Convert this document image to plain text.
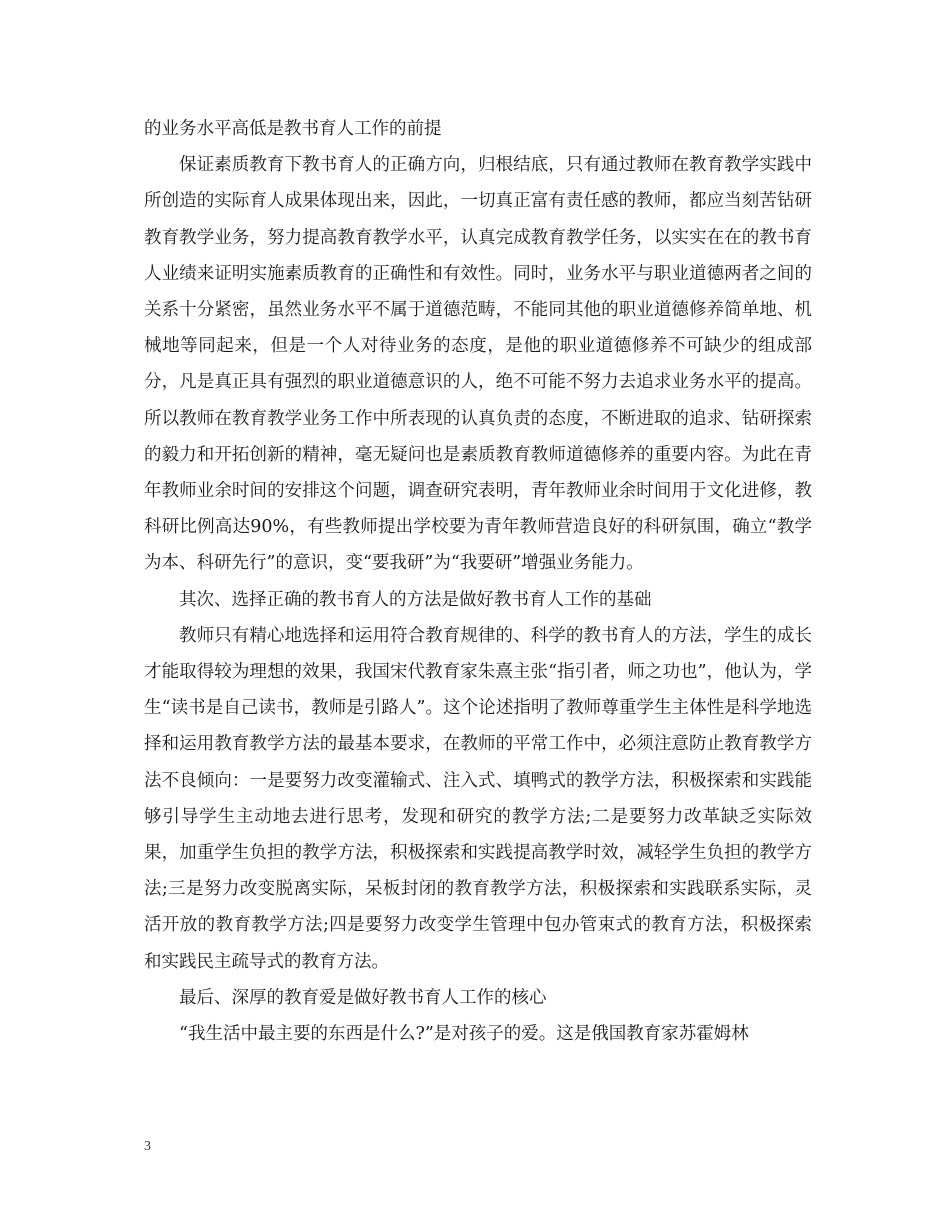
的业务水平高低是教书育人工作的前提

保证素质教育下教书育人的正确方向，归根结底，只有通过教师在教育教学实践中所创造的实际育人成果体现出来，因此，一切真正富有责任感的教师，都应当刻苦钻研教育教学业务，努力提高教育教学水平，认真完成教育教学任务，以实实在在的教书育人业绩来证明实施素质教育的正确性和有效性。同时，业务水平与职业道德两者之间的关系十分紧密，虽然业务水平不属于道德范畴，不能同其他的职业道德修养简单地、机械地等同起来，但是一个人对待业务的态度，是他的职业道德修养不可缺少的组成部分，凡是真正具有强烈的职业道德意识的人，绝不可能不努力去追求业务水平的提高。所以教师在教育教学业务工作中所表现的认真负责的态度，不断进取的追求、钻研探索的毅力和开拓创新的精神，毫无疑问也是素质教育教师道德修养的重要内容。为此在青年教师业余时间的安排这个问题，调查研究表明，青年教师业余时间用于文化进修，教科研比例高达90%，有些教师提出学校要为青年教师营造良好的科研氛围，确立“教学为本、科研先行”的意识，变“要我研”为“我要研”增强业务能力。

其次、选择正确的教书育人的方法是做好教书育人工作的基础

教师只有精心地选择和运用符合教育规律的、科学的教书育人的方法，学生的成长才能取得较为理想的效果，我国宋代教育家朱熹主张“指引者，师之功也”，他认为，学生“读书是自己读书，教师是引路人”。这个论述指明了教师尊重学生主体性是科学地选择和运用教育教学方法的最基本要求，在教师的平常工作中，必须注意防止教育教学方法不良倾向：一是要努力改变灌输式、注入式、填鸭式的教学方法，积极探索和实践能够引导学生主动地去进行思考，发现和研究的教学方法;二是要努力改革缺乏实际效果，加重学生负担的教学方法，积极探索和实践提高教学时效，减轻学生负担的教学方法;三是努力改变脱离实际，呆板封闭的教育教学方法，积极探索和实践联系实际，灵活开放的教育教学方法;四是要努力改变学生管理中包办管束式的教育方法，积极探索和实践民主疏导式的教育方法。

最后、深厚的教育爱是做好教书育人工作的核心

“我生活中最主要的东西是什么?”是对孩子的爱。这是俄国教育家苏霍姆林

3
